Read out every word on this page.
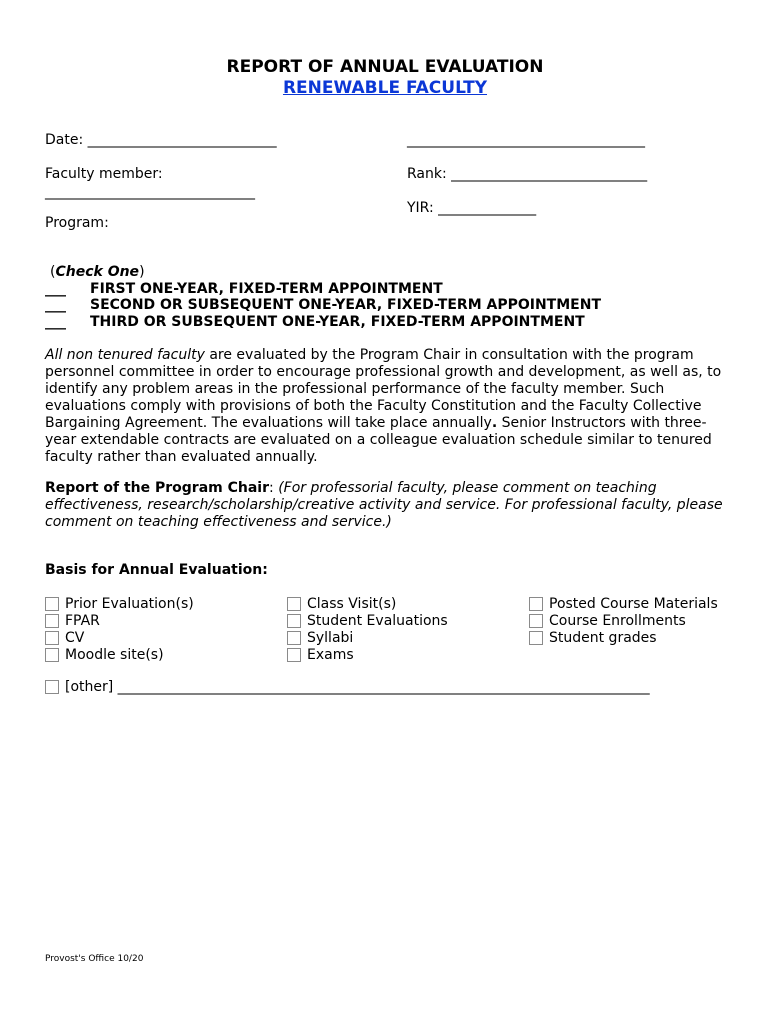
REPORT OF ANNUAL EVALUATION
RENEWABLE FACULTY
Date: ___________________________	__________________________________
Faculty member:	Rank: ____________________________
______________________________
YIR: ______________
Program:
(Check One)
___ FIRST ONE-YEAR, FIXED-TERM APPOINTMENT
___ SECOND OR SUBSEQUENT ONE-YEAR, FIXED-TERM APPOINTMENT
___ THIRD OR SUBSEQUENT ONE-YEAR, FIXED-TERM APPOINTMENT
All non tenured faculty are evaluated by the Program Chair in consultation with the program personnel committee in order to encourage professional growth and development, as well as, to identify any problem areas in the professional performance of the faculty member. Such evaluations comply with provisions of both the Faculty Constitution and the Faculty Collective Bargaining Agreement. The evaluations will take place annually. Senior Instructors with three-year extendable contracts are evaluated on a colleague evaluation schedule similar to tenured faculty rather than evaluated annually.
Report of the Program Chair: (For professorial faculty, please comment on teaching effectiveness, research/scholarship/creative activity and service. For professional faculty, please comment on teaching effectiveness and service.)
Basis for Annual Evaluation:
Prior Evaluation(s)
FPAR
CV
Moodle site(s)
Class Visit(s)
Student Evaluations
Syllabi
Exams
Posted Course Materials
Course Enrollments
Student grades
[other] ____________________________________________________________________________
Provost's Office 10/20
